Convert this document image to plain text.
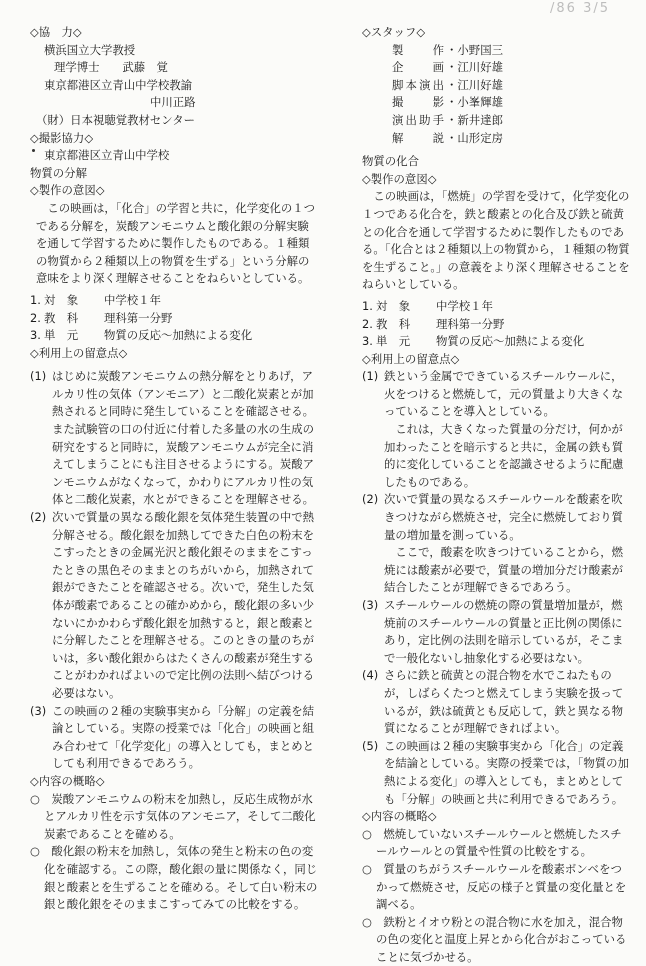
/86 3/5

◇協　力◇

横浜国立大学教授

理学博士　　武藤　覚

東京都港区立青山中学校教諭

中川正路

（財）日本視聴覚教材センター

◇撮影協力◇

東京都港区立青山中学校

物質の分解

◇製作の意図◇

この映画は，「化合」の学習と共に，化学変化の１つである分解を，炭酸アンモニウムと酸化銀の分解実験を通して学習するために製作したものである。１種類の物質から２種類以上の物質を生ずる」という分解の意味をより深く理解させることをねらいとしている。

1. 対　象	中学校１年
2. 教　科	理科第一分野
3. 単　元	物質の反応～加熱による変化

◇利用上の留意点◇

(1) はじめに炭酸アンモニウムの熱分解をとりあげ，アルカリ性の気体（アンモニア）と二酸化炭素とが加熱されると同時に発生していることを確認させる。また試験管の口の付近に付着した多量の水の生成の研究をすると同時に，炭酸アンモニウムが完全に消えてしまうことにも注目させるようにする。炭酸アンモニウムがなくなって，かわりにアルカリ性の気体と二酸化炭素，水とができることを理解させる。
(2) 次いで質量の異なる酸化銀を気体発生装置の中で熱分解させる。酸化銀を加熱してできた白色の粉末をこすったときの金属光沢と酸化銀そのままをこすったときの黒色そのままとのちがいから，加熱されて銀ができたことを確認させる。次いで，発生した気体が酸素であることの確かめから，酸化銀の多い少ないにかかわらず酸化銀を加熱すると，銀と酸素とに分解したことを理解させる。このときの量のちがいは，多い酸化銀からはたくさんの酸素が発生することがわかればよいので定比例の法則へ結びつける必要はない。
(3) この映画の２種の実験事実から「分解」の定義を結論としている。実際の授業では「化合」の映画と組み合わせて「化学変化」の導入としても，まとめとしても利用できるであろう。

◇内容の概略◇

○　炭酸アンモニウムの粉末を加熱し，反応生成物が水とアルカリ性を示す気体のアンモニア，そして二酸化炭素であることを確める。

○　酸化銀の粉末を加熱し，気体の発生と粉末の色の変化を確認する。この際，酸化銀の量に関係なく，同じ銀と酸素とを生ずることを確める。そして白い粉末の銀と酸化銀をそのままこすってみての比較をする。

◇スタッフ◇

製作 ・ 小野国三
企画 ・ 江川好雄
脚本演出 ・ 江川好雄
撮影 ・ 小峯輝雄
演出助手 ・ 新井達郎
解説 ・ 山形定房

物質の化合

◇製作の意図◇

この映画は，「燃焼」の学習を受けて，化学変化の１つである化合を，鉄と酸素との化合及び鉄と硫黄との化合を通して学習するために製作したものである。「化合とは２種類以上の物質から，１種類の物質を生ずること。」の意義をより深く理解させることをねらいとしている。

1. 対　象	中学校１年
2. 教　科	理科第一分野
3. 単　元	物質の反応～加熱による変化

◇利用上の留意点◇

(1) 鉄という金属でできているスチールウールに，火をつけると燃焼して，元の質量より大きくなっていることを導入としている。

これは，大きくなった質量の分だけ，何かが加わったことを暗示すると共に，金属の鉄も質的に変化していることを認識させるように配慮したものである。

(2) 次いで質量の異なるスチールウールを酸素を吹きつけながら燃焼させ，完全に燃焼しており質量の増加量を測っている。

ここで，酸素を吹きつけていることから，燃焼には酸素が必要で，質量の増加分だけ酸素が結合したことが理解できるであろう。

(3) スチールウールの燃焼の際の質量増加量が，燃焼前のスチールウールの質量と正比例の関係にあり，定比例の法則を暗示しているが，そこまで一般化ないし抽象化する必要はない。
(4) さらに鉄と硫黄との混合物を水でこねたものが，しばらくたつと燃えてしまう実験を扱っているが，鉄は硫黄とも反応して，鉄と異なる物質になることが理解できればよい。
(5) この映画は２種の実験事実から「化合」の定義を結論としている。実際の授業では，「物質の加熱による変化」の導入としても，まとめとしても「分解」の映画と共に利用できるであろう。

◇内容の概略◇

○　燃焼していないスチールウールと燃焼したスチールウールとの質量や性質の比較をする。

○　質量のちがうスチールウールを酸素ボンベをつかって燃焼させ，反応の様子と質量の変化量とを調べる。

○　鉄粉とイオウ粉との混合物に水を加え，混合物の色の変化と温度上昇とから化合がおこっていることに気づかせる。
